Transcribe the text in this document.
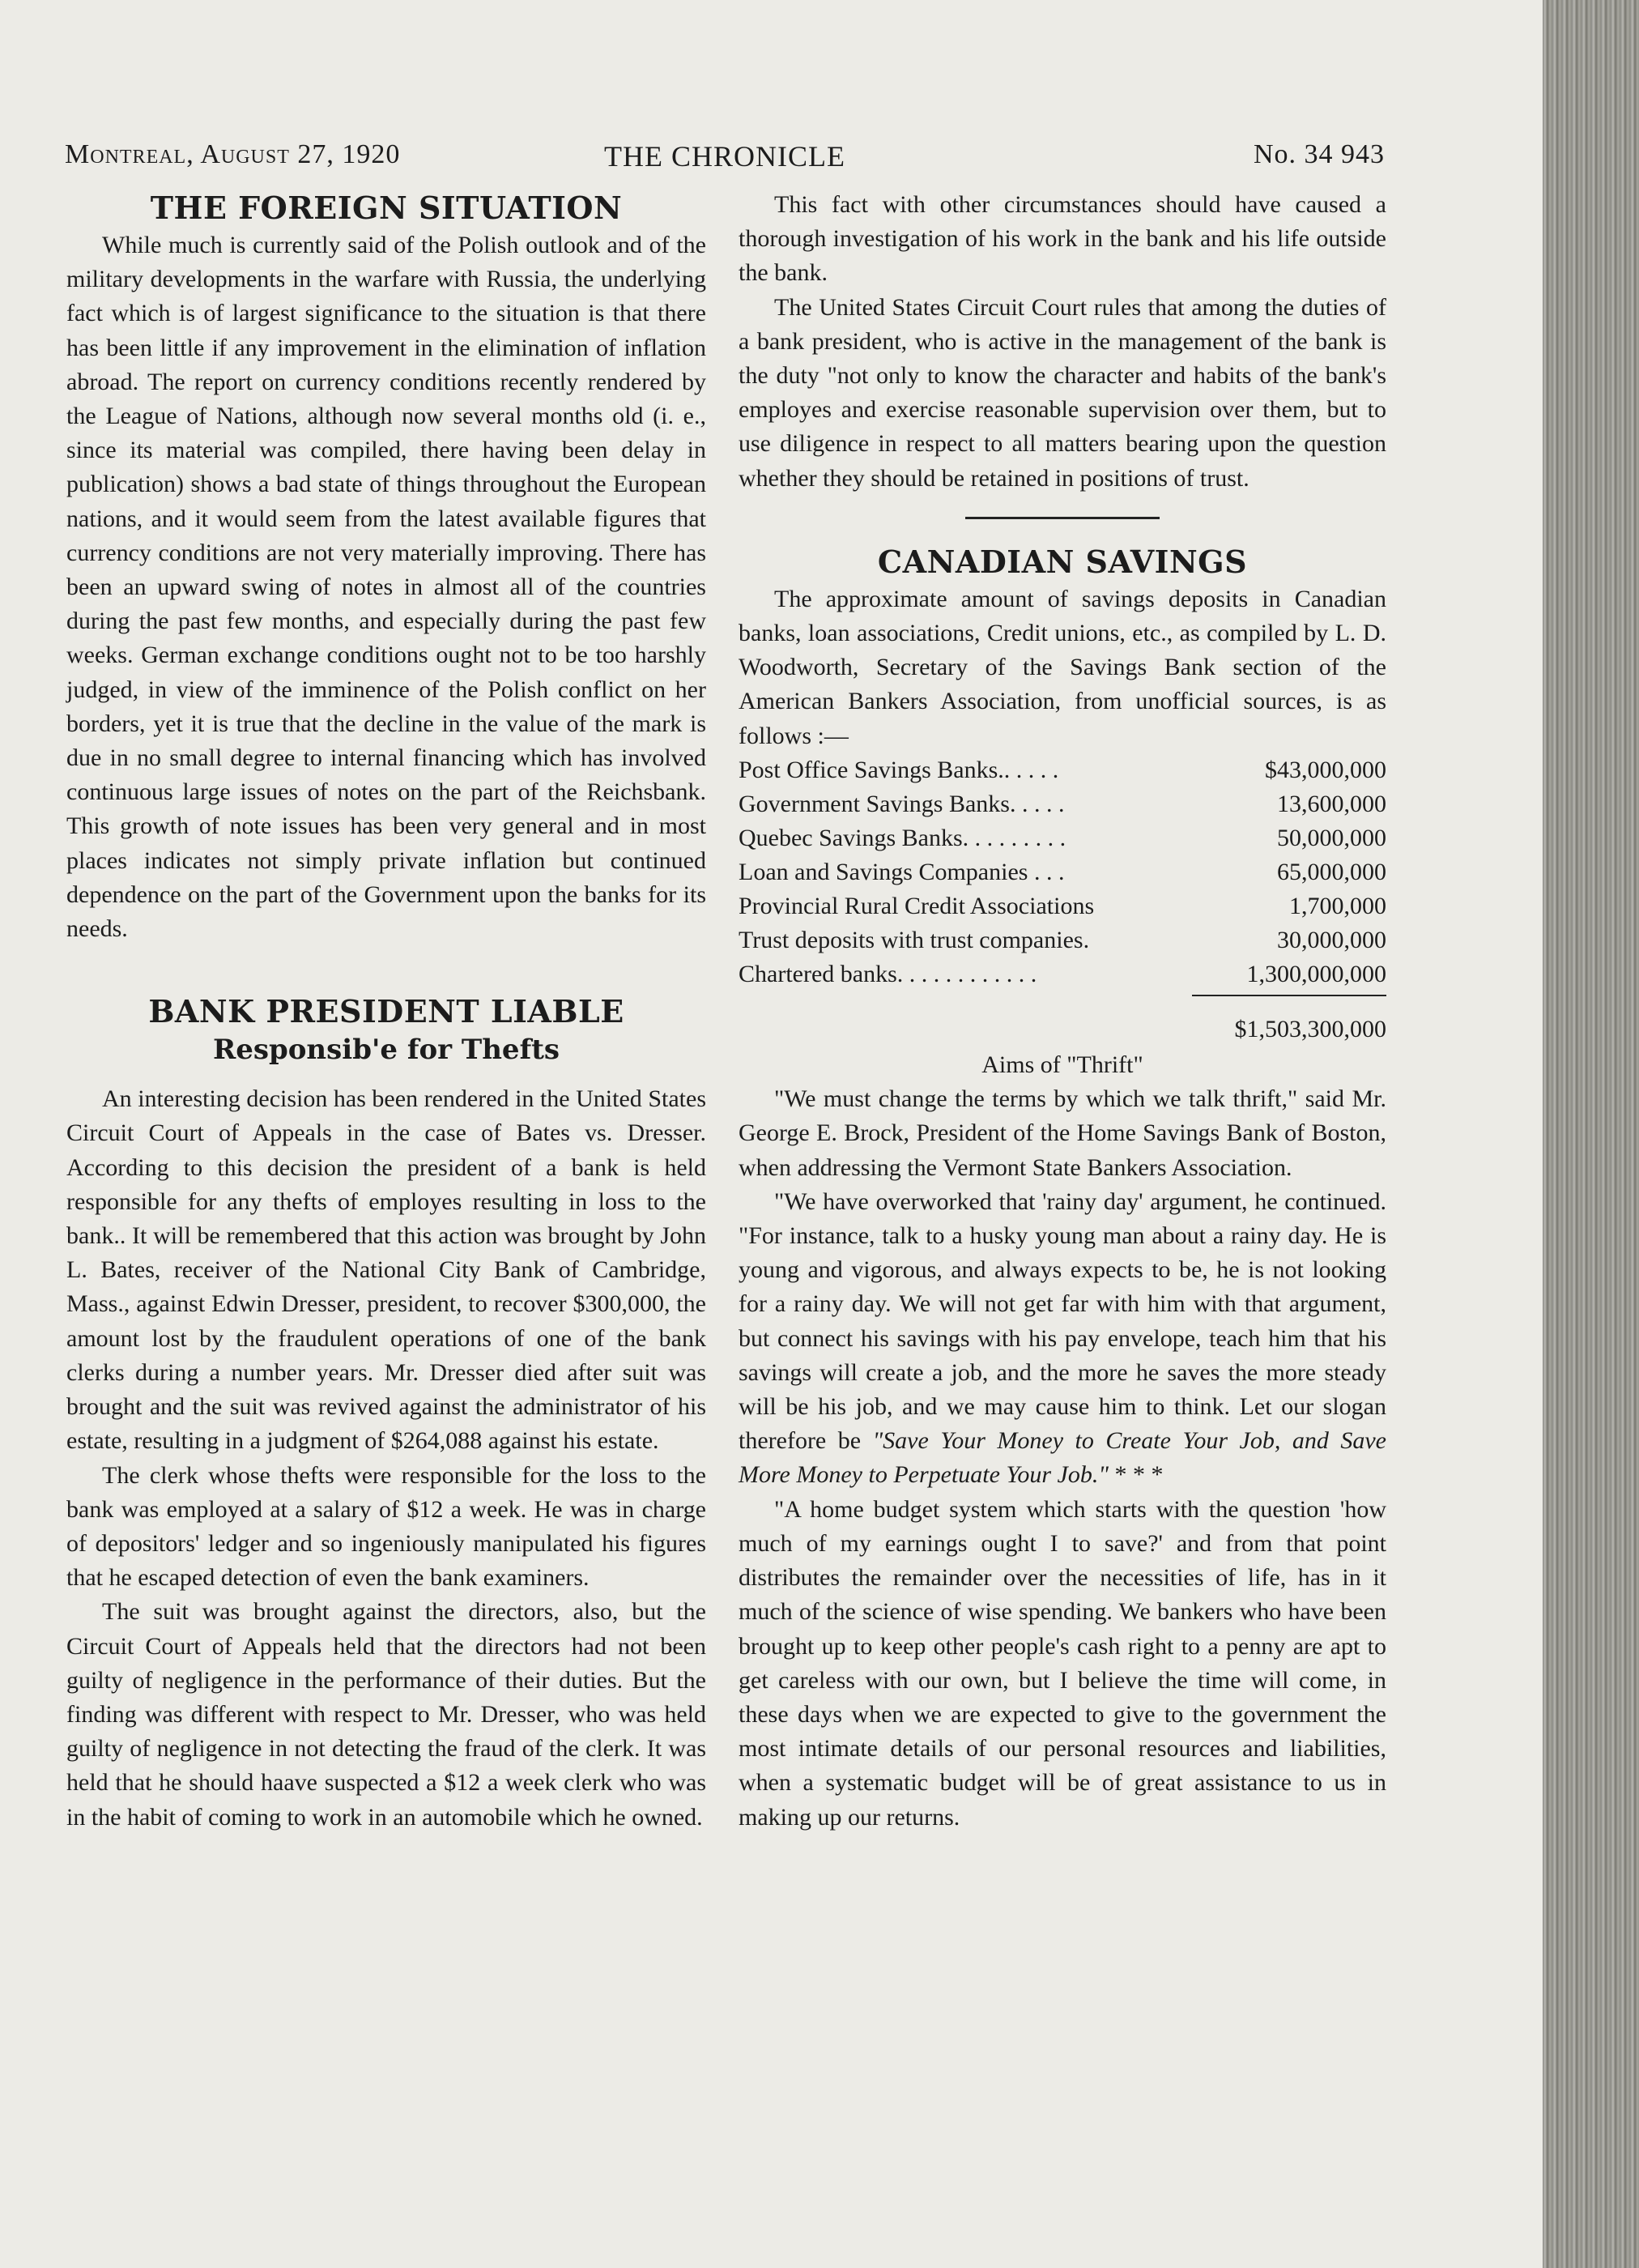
Montreal, August 27, 1920	THE CHRONICLE	No. 34 943
THE FOREIGN SITUATION

While much is currently said of the Polish outlook and of the military developments in the warfare with Russia, the underlying fact which is of largest significance to the situation is that there has been little if any improvement in the elimination of inflation abroad. The report on currency conditions recently rendered by the League of Nations, although now several months old (i. e., since its material was compiled, there having been delay in publication) shows a bad state of things throughout the European nations, and it would seem from the latest available figures that currency conditions are not very materially improving. There has been an upward swing of notes in almost all of the countries during the past few months, and especially during the past few weeks. German exchange conditions ought not to be too harshly judged, in view of the imminence of the Polish conflict on her borders, yet it is true that the decline in the value of the mark is due in no small degree to internal financing which has involved continuous large issues of notes on the part of the Reichsbank. This growth of note issues has been very general and in most places indicates not simply private inflation but continued dependence on the part of the Government upon the banks for its needs.

BANK PRESIDENT LIABLE
Responsib'e for Thefts

An interesting decision has been rendered in the United States Circuit Court of Appeals in the case of Bates vs. Dresser. According to this decision the president of a bank is held responsible for any thefts of employes resulting in loss to the bank.. It will be remembered that this action was brought by John L. Bates, receiver of the National City Bank of Cambridge, Mass., against Edwin Dresser, president, to recover $300,000, the amount lost by the fraudulent operations of one of the bank clerks during a number years. Mr. Dresser died after suit was brought and the suit was revived against the administrator of his estate, resulting in a judgment of $264,088 against his estate.

The clerk whose thefts were responsible for the loss to the bank was employed at a salary of $12 a week. He was in charge of depositors' ledger and so ingeniously manipulated his figures that he escaped detection of even the bank examiners.

The suit was brought against the directors, also, but the Circuit Court of Appeals held that the directors had not been guilty of negligence in the performance of their duties. But the finding was different with respect to Mr. Dresser, who was held guilty of negligence in not detecting the fraud of the clerk. It was held that he should haave suspected a $12 a week clerk who was in the habit of coming to work in an automobile which he owned.

This fact with other circumstances should have caused a thorough investigation of his work in the bank and his life outside the bank.

The United States Circuit Court rules that among the duties of a bank president, who is active in the management of the bank is the duty "not only to know the character and habits of the bank's employes and exercise reasonable supervision over them, but to use diligence in respect to all matters bearing upon the question whether they should be retained in positions of trust.

CANADIAN SAVINGS

The approximate amount of savings deposits in Canadian banks, loan associations, Credit unions, etc., as compiled by L. D. Woodworth, Secretary of the Savings Bank section of the American Bankers Association, from unofficial sources, is as follows :—

Post Office Savings Banks.. . . . .	$43,000,000
Government Savings Banks. . . . .	13,600,000
Quebec Savings Banks. . . . . . . . .	50,000,000
Loan and Savings Companies . . .	65,000,000
Provincial Rural Credit Associations	1,700,000
Trust deposits with trust companies.	30,000,000
Chartered banks. . . . . . . . . . . .	1,300,000,000
$1,503,300,000
Aims of "Thrift"

"We must change the terms by which we talk thrift," said Mr. George E. Brock, President of the Home Savings Bank of Boston, when addressing the Vermont State Bankers Association.

"We have overworked that 'rainy day' argument, he continued. "For instance, talk to a husky young man about a rainy day. He is young and vigorous, and always expects to be, he is not looking for a rainy day. We will not get far with him with that argument, but connect his savings with his pay envelope, teach him that his savings will create a job, and the more he saves the more steady will be his job, and we may cause him to think. Let our slogan therefore be "Save Your Money to Create Your Job, and Save More Money to Perpetuate Your Job." * * *

"A home budget system which starts with the question 'how much of my earnings ought I to save?' and from that point distributes the remainder over the necessities of life, has in it much of the science of wise spending. We bankers who have been brought up to keep other people's cash right to a penny are apt to get careless with our own, but I believe the time will come, in these days when we are expected to give to the government the most intimate details of our personal resources and liabilities, when a systematic budget will be of great assistance to us in making up our returns.
